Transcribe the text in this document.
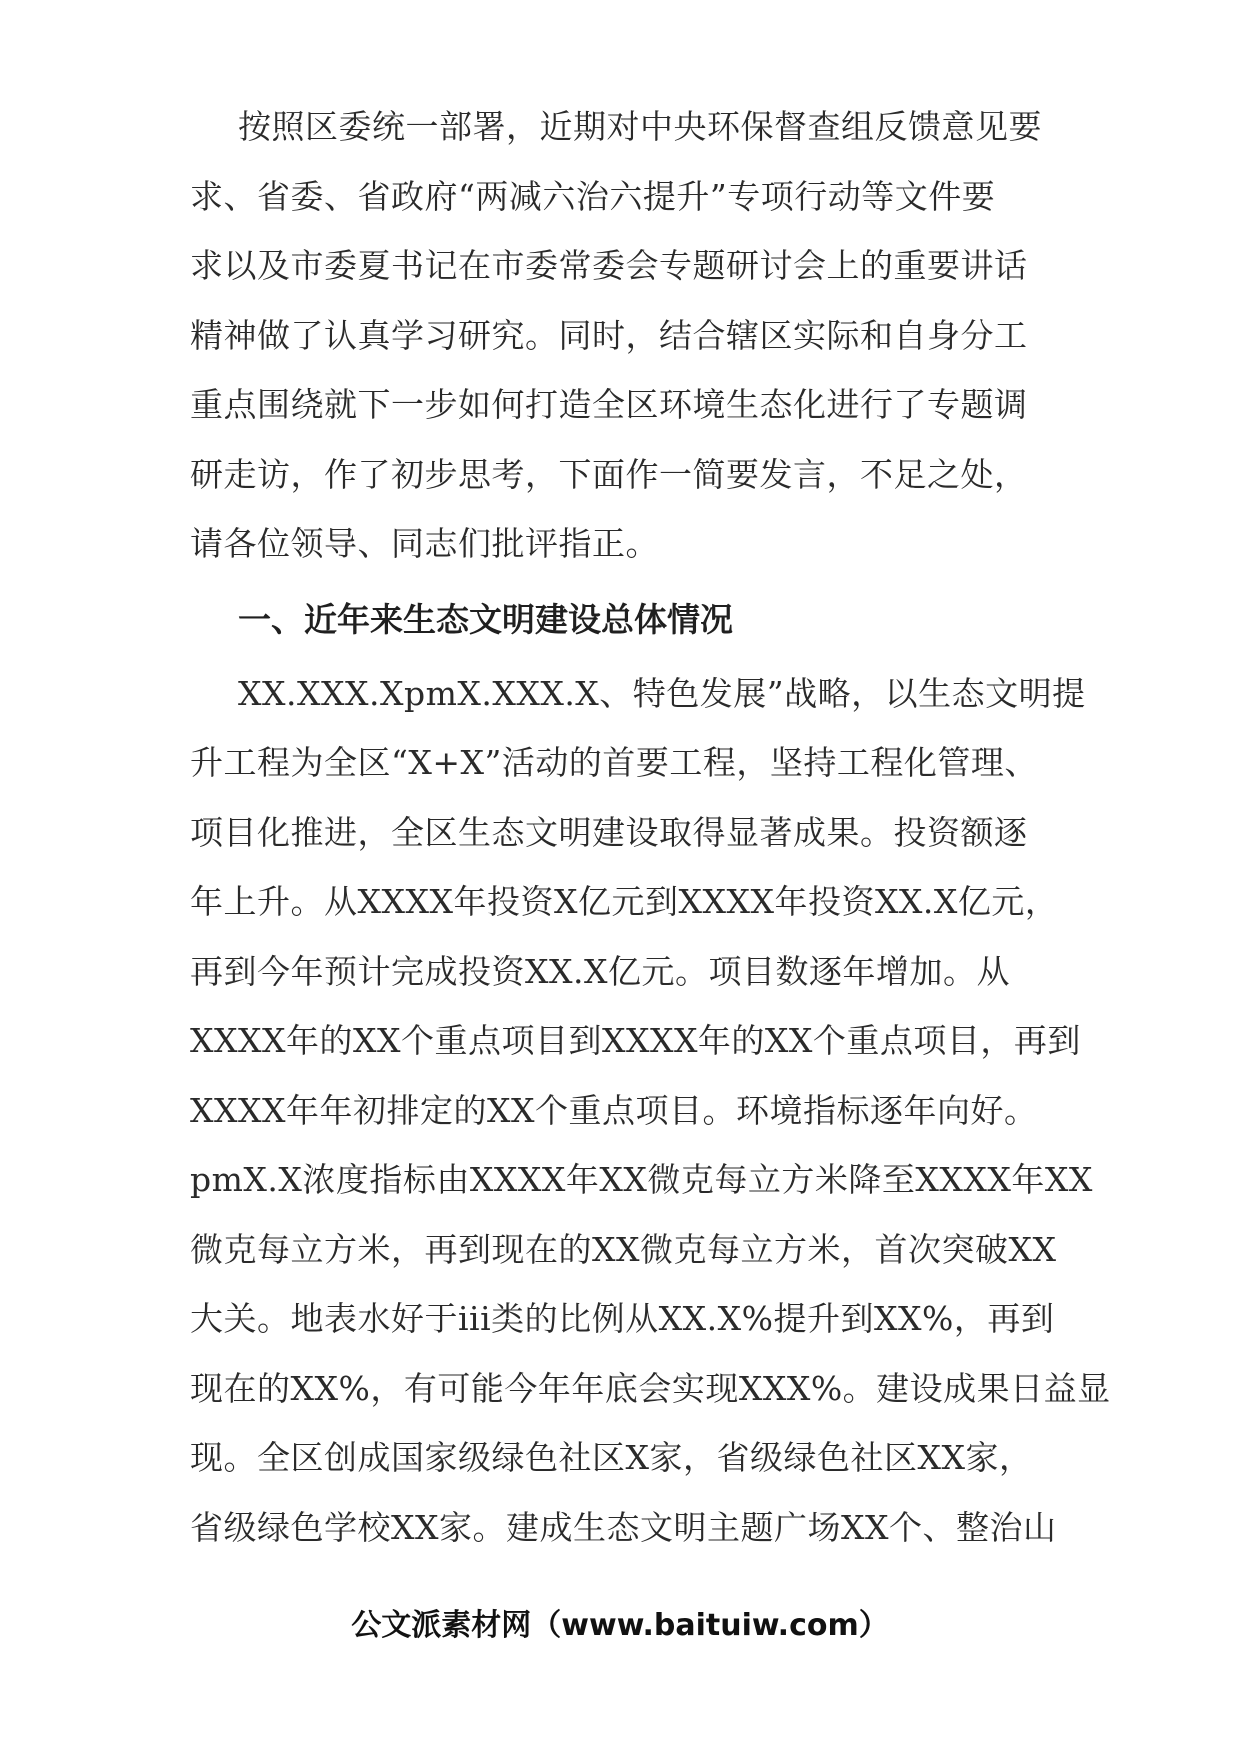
按照区委统一部署，近期对中央环保督查组反馈意见要
求、省委、省政府“两减六治六提升”专项行动等文件要
求以及市委夏书记在市委常委会专题研讨会上的重要讲话
精神做了认真学习研究。同时，结合辖区实际和自身分工
重点围绕就下一步如何打造全区环境生态化进行了专题调
研走访，作了初步思考，下面作一简要发言，不足之处，
请各位领导、同志们批评指正。
一、近年来生态文明建设总体情况
XX.XXX.XpmX.XXX.X、特色发展”战略，以生态文明提
升工程为全区“X+X”活动的首要工程，坚持工程化管理、
项目化推进，全区生态文明建设取得显著成果。投资额逐
年上升。从XXXX年投资X亿元到XXXX年投资XX.X亿元，
再到今年预计完成投资XX.X亿元。项目数逐年增加。从
XXXX年的XX个重点项目到XXXX年的XX个重点项目，再到
XXXX年年初排定的XX个重点项目。环境指标逐年向好。
pmX.X浓度指标由XXXX年XX微克每立方米降至XXXX年XX
微克每立方米，再到现在的XX微克每立方米，首次突破XX
大关。地表水好于iii类的比例从XX.X%提升到XX%，再到
现在的XX%，有可能今年年底会实现XXX%。建设成果日益显
现。全区创成国家级绿色社区X家，省级绿色社区XX家，
省级绿色学校XX家。建成生态文明主题广场XX个、整治山
公文派素材网（www.baituiw.com）
